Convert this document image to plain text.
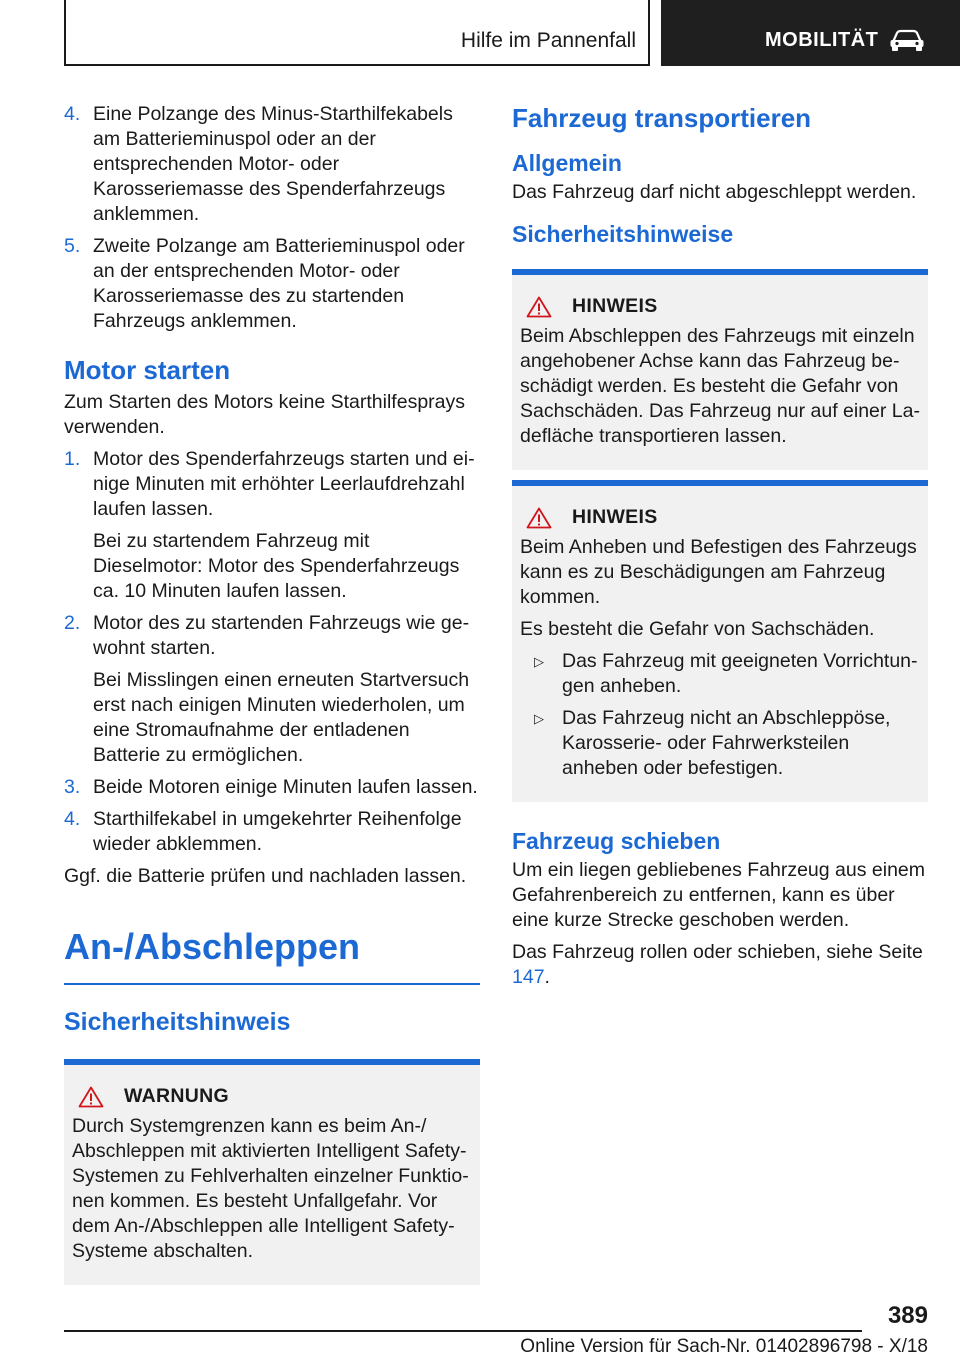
Hilfe im Pannenfall	MOBILITÄT
4. Eine Polzange des Minus-Starthilfekabels am Batterieminuspol oder an der entsprechenden Motor- oder Karosseriemasse des Spenderfahrzeugs anklemmen.
5. Zweite Polzange am Batterieminuspol oder an der entsprechenden Motor- oder Karosseriemasse des zu startenden Fahrzeugs anklemmen.
Motor starten

Zum Starten des Motors keine Starthilfesprays verwenden.

1. Motor des Spenderfahrzeugs starten und einige Minuten mit erhöhter Leerlaufdrehzahl laufen lassen.
Bei zu startendem Fahrzeug mit Dieselmotor: Motor des Spenderfahrzeugs ca. 10 Minuten laufen lassen.
2. Motor des zu startenden Fahrzeugs wie gewohnt starten.
Bei Misslingen einen erneuten Startversuch erst nach einigen Minuten wiederholen, um eine Stromaufnahme der entladenen Batterie zu ermöglichen.
3. Beide Motoren einige Minuten laufen lassen.
4. Starthilfekabel in umgekehrter Reihenfolge wieder abklemmen.

Ggf. die Batterie prüfen und nachladen lassen.

An-/Abschleppen
Sicherheitshinweis
WARNUNG

Durch Systemgrenzen kann es beim An-/ Abschleppen mit aktivierten Intelligent Safety-Systemen zu Fehlverhalten einzelner Funktionen kommen. Es besteht Unfallgefahr. Vor dem An-/Abschleppen alle Intelligent Safety-Systeme abschalten.

Fahrzeug transportieren
Allgemein

Das Fahrzeug darf nicht abgeschleppt werden.

Sicherheitshinweise
HINWEIS

Beim Abschleppen des Fahrzeugs mit einzeln angehobener Achse kann das Fahrzeug beschädigt werden. Es besteht die Gefahr von Sachschäden. Das Fahrzeug nur auf einer Ladefläche transportieren lassen.

HINWEIS

Beim Anheben und Befestigen des Fahrzeugs kann es zu Beschädigungen am Fahrzeug kommen.

Es besteht die Gefahr von Sachschäden.

▷ Das Fahrzeug mit geeigneten Vorrichtungen anheben.
▷ Das Fahrzeug nicht an Abschleppöse, Karosserie- oder Fahrwerksteilen anheben oder befestigen.
Fahrzeug schieben

Um ein liegen gebliebenes Fahrzeug aus einem Gefahrenbereich zu entfernen, kann es über eine kurze Strecke geschoben werden.

Das Fahrzeug rollen oder schieben, siehe Seite 147.

389
Online Version für Sach-Nr. 01402896798 - X/18
